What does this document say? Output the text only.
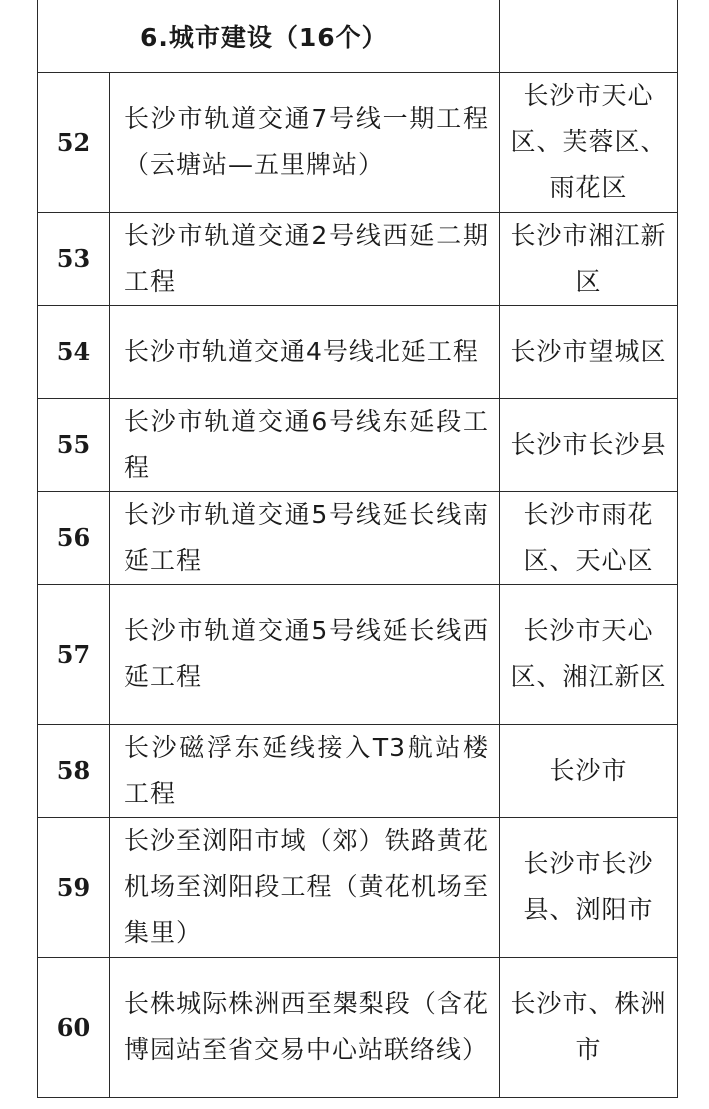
6.城市建设（16个）		
52	长沙市轨道交通7号线一期工程（云塘站—五里牌站）	长沙市天心区、芙蓉区、雨花区
53	长沙市轨道交通2号线西延二期工程	长沙市湘江新区
54	长沙市轨道交通4号线北延工程	长沙市望城区
55	长沙市轨道交通6号线东延段工程	长沙市长沙县
56	长沙市轨道交通5号线延长线南延工程	长沙市雨花区、天心区
57	长沙市轨道交通5号线延长线西延工程	长沙市天心区、湘江新区
58	长沙磁浮东延线接入T3航站楼工程	长沙市
59	长沙至浏阳市域（郊）铁路黄花机场至浏阳段工程（黄花机场至集里）	长沙市长沙县、浏阳市
60	长株城际株洲西至槼梨段（含花博园站至省交易中心站联络线）	长沙市、株洲市
